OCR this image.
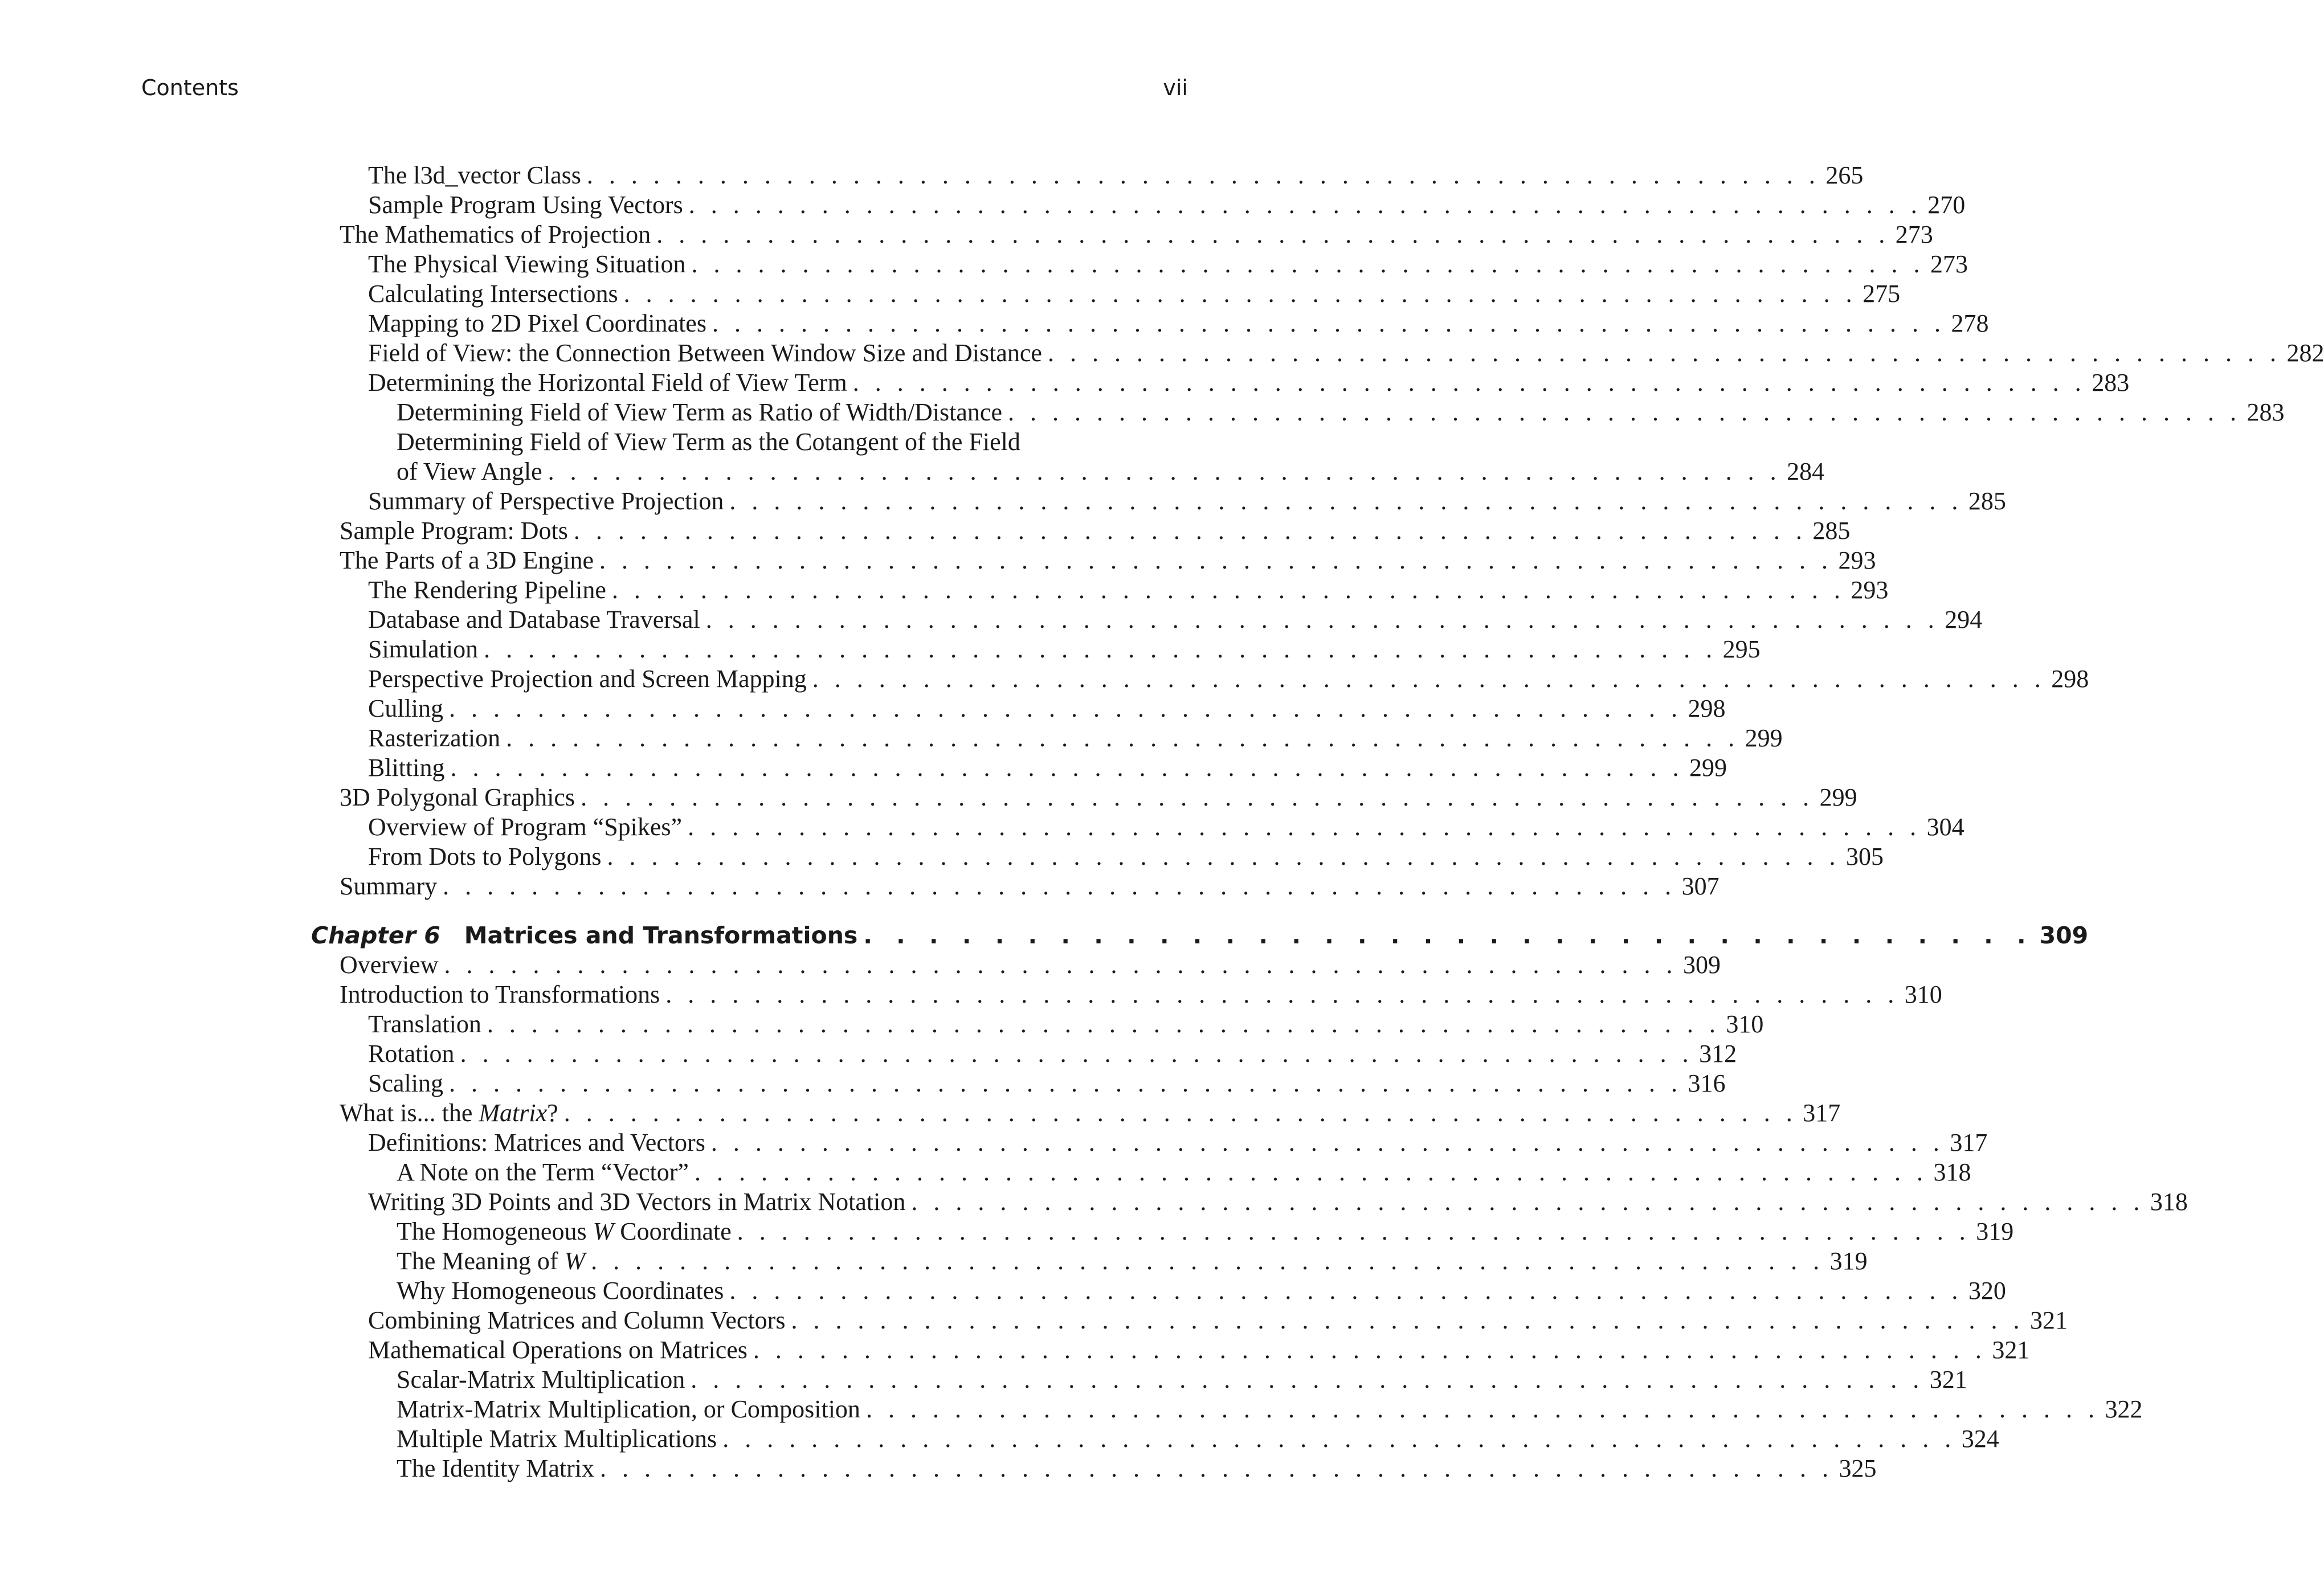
Contents	vii
The l3d_vector Class . . . . . . . . . . . . . . . . . . . . . . . . . . . . . . . . . . . . . . . . . . . . . . . . . . . . . . . . 265
Sample Program Using Vectors . . . . . . . . . . . . . . . . . . . . . . . . . . . . . . . . . . . . . . . . . . . . . . . . . . . . . . . . 270
The Mathematics of Projection . . . . . . . . . . . . . . . . . . . . . . . . . . . . . . . . . . . . . . . . . . . . . . . . . . . . . . . . 273
The Physical Viewing Situation . . . . . . . . . . . . . . . . . . . . . . . . . . . . . . . . . . . . . . . . . . . . . . . . . . . . . . . . 273
Calculating Intersections . . . . . . . . . . . . . . . . . . . . . . . . . . . . . . . . . . . . . . . . . . . . . . . . . . . . . . . . 275
Mapping to 2D Pixel Coordinates . . . . . . . . . . . . . . . . . . . . . . . . . . . . . . . . . . . . . . . . . . . . . . . . . . . . . . . . 278
Field of View: the Connection Between Window Size and Distance . . . . . . . . . . . . . . . . . . . . . . . . . . . . . . . . . . . . . . . . . . . . . . . . . . . . . . . . 282
Determining the Horizontal Field of View Term . . . . . . . . . . . . . . . . . . . . . . . . . . . . . . . . . . . . . . . . . . . . . . . . . . . . . . . . 283
Determining Field of View Term as Ratio of Width/Distance . . . . . . . . . . . . . . . . . . . . . . . . . . . . . . . . . . . . . . . . . . . . . . . . . . . . . . . . 283
Determining Field of View Term as the Cotangent of the Field
of View Angle . . . . . . . . . . . . . . . . . . . . . . . . . . . . . . . . . . . . . . . . . . . . . . . . . . . . . . . . 284
Summary of Perspective Projection . . . . . . . . . . . . . . . . . . . . . . . . . . . . . . . . . . . . . . . . . . . . . . . . . . . . . . . . 285
Sample Program: Dots . . . . . . . . . . . . . . . . . . . . . . . . . . . . . . . . . . . . . . . . . . . . . . . . . . . . . . . . 285
The Parts of a 3D Engine . . . . . . . . . . . . . . . . . . . . . . . . . . . . . . . . . . . . . . . . . . . . . . . . . . . . . . . . 293
The Rendering Pipeline . . . . . . . . . . . . . . . . . . . . . . . . . . . . . . . . . . . . . . . . . . . . . . . . . . . . . . . . 293
Database and Database Traversal . . . . . . . . . . . . . . . . . . . . . . . . . . . . . . . . . . . . . . . . . . . . . . . . . . . . . . . . 294
Simulation . . . . . . . . . . . . . . . . . . . . . . . . . . . . . . . . . . . . . . . . . . . . . . . . . . . . . . . . 295
Perspective Projection and Screen Mapping . . . . . . . . . . . . . . . . . . . . . . . . . . . . . . . . . . . . . . . . . . . . . . . . . . . . . . . . 298
Culling . . . . . . . . . . . . . . . . . . . . . . . . . . . . . . . . . . . . . . . . . . . . . . . . . . . . . . . . 298
Rasterization . . . . . . . . . . . . . . . . . . . . . . . . . . . . . . . . . . . . . . . . . . . . . . . . . . . . . . . . 299
Blitting . . . . . . . . . . . . . . . . . . . . . . . . . . . . . . . . . . . . . . . . . . . . . . . . . . . . . . . . 299
3D Polygonal Graphics . . . . . . . . . . . . . . . . . . . . . . . . . . . . . . . . . . . . . . . . . . . . . . . . . . . . . . . . 299
Overview of Program “Spikes” . . . . . . . . . . . . . . . . . . . . . . . . . . . . . . . . . . . . . . . . . . . . . . . . . . . . . . . . 304
From Dots to Polygons . . . . . . . . . . . . . . . . . . . . . . . . . . . . . . . . . . . . . . . . . . . . . . . . . . . . . . . . 305
Summary . . . . . . . . . . . . . . . . . . . . . . . . . . . . . . . . . . . . . . . . . . . . . . . . . . . . . . . . 307
Chapter 6 Matrices and Transformations . . . . . . . . . . . . . . . . . . . . . . . . . . . . . . . . . . . . 309
Overview . . . . . . . . . . . . . . . . . . . . . . . . . . . . . . . . . . . . . . . . . . . . . . . . . . . . . . . . 309
Introduction to Transformations . . . . . . . . . . . . . . . . . . . . . . . . . . . . . . . . . . . . . . . . . . . . . . . . . . . . . . . . 310
Translation . . . . . . . . . . . . . . . . . . . . . . . . . . . . . . . . . . . . . . . . . . . . . . . . . . . . . . . . 310
Rotation . . . . . . . . . . . . . . . . . . . . . . . . . . . . . . . . . . . . . . . . . . . . . . . . . . . . . . . . 312
Scaling . . . . . . . . . . . . . . . . . . . . . . . . . . . . . . . . . . . . . . . . . . . . . . . . . . . . . . . . 316
What is... the Matrix? . . . . . . . . . . . . . . . . . . . . . . . . . . . . . . . . . . . . . . . . . . . . . . . . . . . . . . . . 317
Definitions: Matrices and Vectors . . . . . . . . . . . . . . . . . . . . . . . . . . . . . . . . . . . . . . . . . . . . . . . . . . . . . . . . 317
A Note on the Term “Vector” . . . . . . . . . . . . . . . . . . . . . . . . . . . . . . . . . . . . . . . . . . . . . . . . . . . . . . . . 318
Writing 3D Points and 3D Vectors in Matrix Notation . . . . . . . . . . . . . . . . . . . . . . . . . . . . . . . . . . . . . . . . . . . . . . . . . . . . . . . . 318
The Homogeneous W Coordinate . . . . . . . . . . . . . . . . . . . . . . . . . . . . . . . . . . . . . . . . . . . . . . . . . . . . . . . . 319
The Meaning of W . . . . . . . . . . . . . . . . . . . . . . . . . . . . . . . . . . . . . . . . . . . . . . . . . . . . . . . . 319
Why Homogeneous Coordinates . . . . . . . . . . . . . . . . . . . . . . . . . . . . . . . . . . . . . . . . . . . . . . . . . . . . . . . . 320
Combining Matrices and Column Vectors . . . . . . . . . . . . . . . . . . . . . . . . . . . . . . . . . . . . . . . . . . . . . . . . . . . . . . . . 321
Mathematical Operations on Matrices . . . . . . . . . . . . . . . . . . . . . . . . . . . . . . . . . . . . . . . . . . . . . . . . . . . . . . . . 321
Scalar-Matrix Multiplication . . . . . . . . . . . . . . . . . . . . . . . . . . . . . . . . . . . . . . . . . . . . . . . . . . . . . . . . 321
Matrix-Matrix Multiplication, or Composition . . . . . . . . . . . . . . . . . . . . . . . . . . . . . . . . . . . . . . . . . . . . . . . . . . . . . . . . 322
Multiple Matrix Multiplications . . . . . . . . . . . . . . . . . . . . . . . . . . . . . . . . . . . . . . . . . . . . . . . . . . . . . . . . 324
The Identity Matrix . . . . . . . . . . . . . . . . . . . . . . . . . . . . . . . . . . . . . . . . . . . . . . . . . . . . . . . . 325
